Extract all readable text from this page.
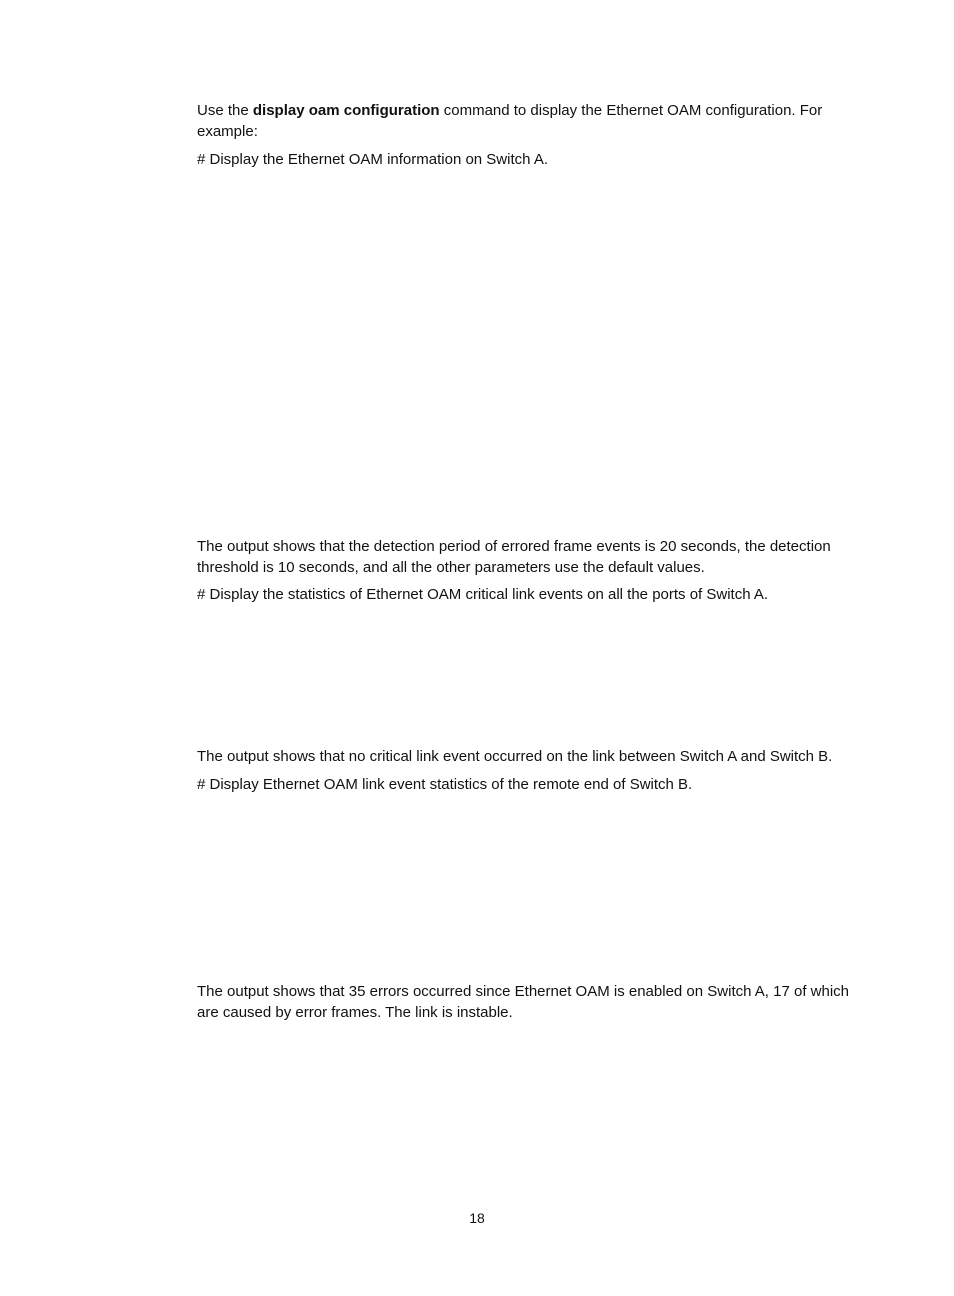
Use the display oam configuration command to display the Ethernet OAM configuration. For example:

# Display the Ethernet OAM information on Switch A.

The output shows that the detection period of errored frame events is 20 seconds, the detection threshold is 10 seconds, and all the other parameters use the default values.

# Display the statistics of Ethernet OAM critical link events on all the ports of Switch A.

The output shows that no critical link event occurred on the link between Switch A and Switch B.

# Display Ethernet OAM link event statistics of the remote end of Switch B.

The output shows that 35 errors occurred since Ethernet OAM is enabled on Switch A, 17 of which are caused by error frames. The link is instable.

18
